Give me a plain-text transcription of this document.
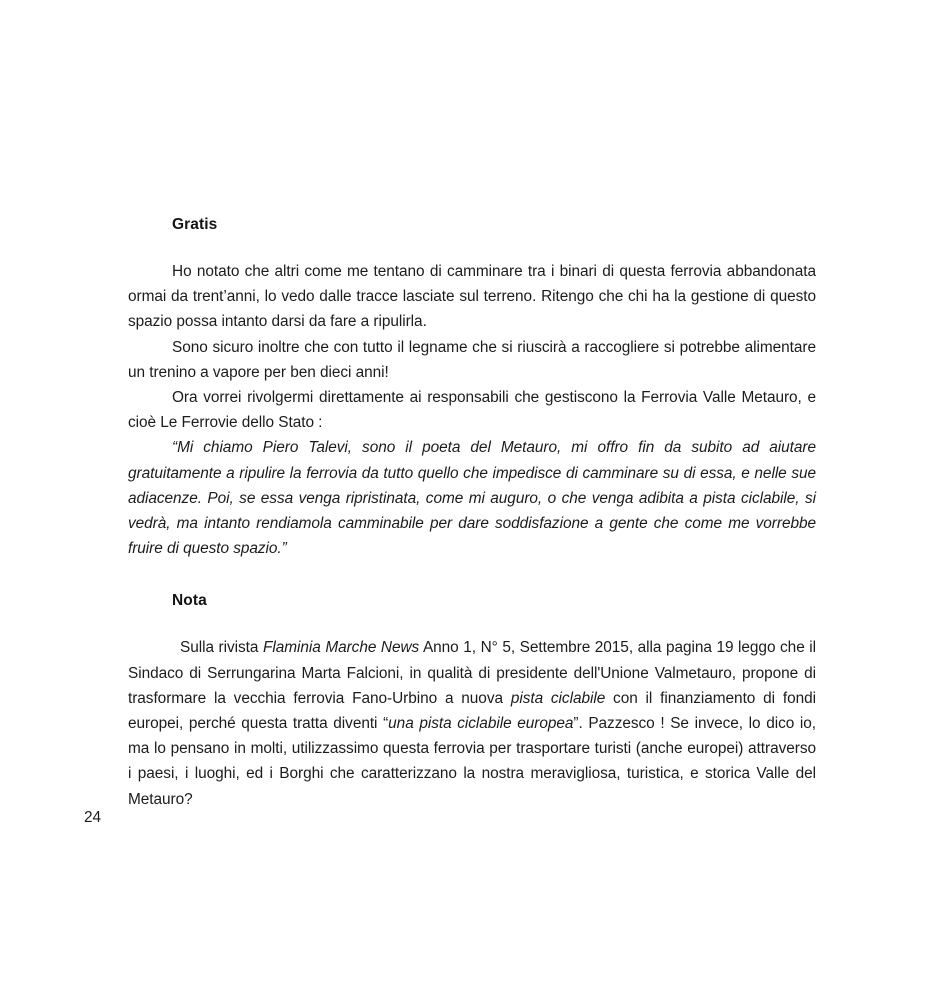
Gratis

Ho notato che altri come me tentano di camminare tra i binari di questa ferrovia abbandonata ormai da trent’anni, lo vedo dalle tracce lasciate sul terreno. Ritengo che chi ha la gestione di questo spazio possa intanto darsi da fare a ripulirla.

Sono sicuro inoltre che con tutto il legname che si riuscirà a raccogliere si potrebbe alimentare un trenino a vapore per ben dieci anni!

Ora vorrei rivolgermi direttamente ai responsabili che gestiscono la Ferrovia Valle Metauro, e cioè Le Ferrovie dello Stato :

“Mi chiamo Piero Talevi, sono il poeta del Metauro, mi offro fin da subito ad aiutare gratuitamente a ripulire la ferrovia da tutto quello che impedisce di camminare su di essa, e nelle sue adiacenze. Poi, se essa venga ripristinata, come mi auguro, o che venga adibita a pista ciclabile, si vedrà, ma intanto rendiamola camminabile per dare soddisfazione a gente che come me vorrebbe fruire di questo spazio.”

Nota

Sulla rivista Flaminia Marche News Anno 1, N° 5, Settembre 2015, alla pagina 19 leggo che il Sindaco di Serrungarina Marta Falcioni, in qualità di presidente dell'Unione Valmetauro, propone di trasformare la vecchia ferrovia Fano-Urbino a nuova pista ciclabile con il finanziamento di fondi europei, perché questa tratta diventi “una pista ciclabile europea”. Pazzesco ! Se invece, lo dico io, ma lo pensano in molti, utilizzassimo questa ferrovia per trasportare turisti (anche europei) attraverso i paesi, i luoghi, ed i Borghi che caratterizzano la nostra meravigliosa, turistica, e storica Valle del Metauro?

24
